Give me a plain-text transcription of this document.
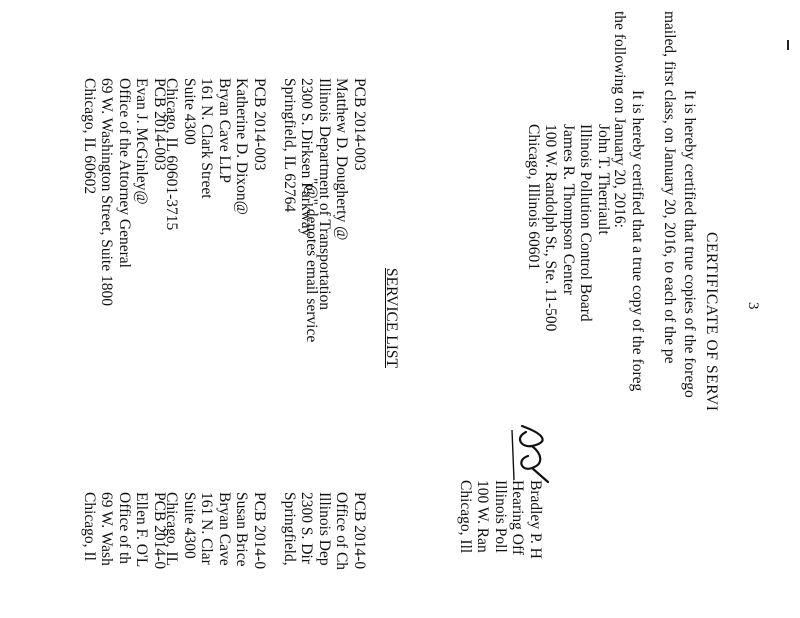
3
CERTIFICATE OF SERVI
It is hereby certified that true copies of the forego
mailed, first class, on January 20, 2016, to each of the pe
It is hereby certified that a true copy of the foreg
the following on January 20, 2016:
John T. Therriault
Illinois Pollution Control Board
James R. Thompson Center
100 W. Randolph St., Ste. 11-500
Chicago, Illinois 60601
Bradley P. H
Hearing Off
Illinois Poll
100 W. Ran
Chicago, Ill
SERVICE LIST
PCB 2014-003
Matthew D. Dougherty @
Illinois Department of Transportation
2300 S. Dirksen Parkway
Springfield, IL 62764
PCB 2014-0
Office of Ch
Illinois Dep
2300 S. Dir
Springfield,
"@" denotes email service
PCB 2014-003
Katherine D. Dixon@
Bryan Cave LLP
161 N. Clark Street
Suite 4300
Chicago, IL 60601-3715
PCB 2014-0
Susan Brice
Bryan Cave
161 N. Clar
Suite 4300
Chicago, IL
PCB 2014-003
Evan J. McGinley@
Office of the Attorney General
69 W. Washington Street, Suite 1800
Chicago, IL 60602
PCB 2014-0
Ellen F. O'L
Office of th
69 W. Wash
Chicago, Il
